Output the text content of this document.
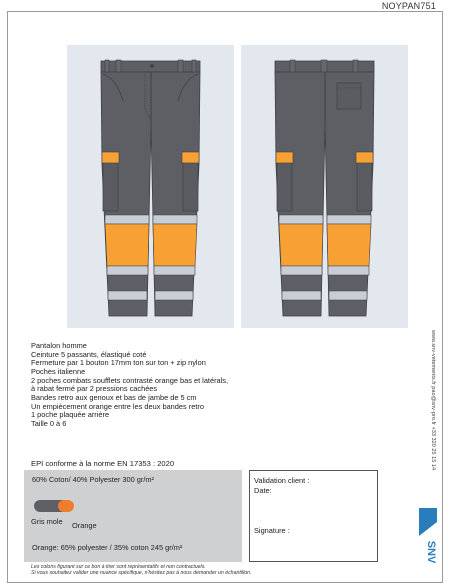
NOYPAN751
Pantalon homme
Ceinture 5 passants, élastiqué coté
Fermeture par 1 bouton 17mm ton sur ton + zip nylon
Poches italienne
2 poches combats soufflets contrasté orange bas et latérals,
à rabat fermé par 2 pressions cachées
Bandes retro aux genoux et bas de jambe de 5 cm
Un empiècement orange entre les deux bandes retro
1 poche plaquée arrière
Taille 0 à 6
EPI conforme à la norme EN 17353 : 2020
60% Coton/ 40% Polyester 300 gr/m²
Gris mole Orange
Orange: 65% polyester / 35% coton 245 gr/m²
Validation client :
Date:
Signature :
Les coloris figurant sur ce bon à tirer sont représentatifs et non contractuels.
Si vous souhaitez valider une nuance spécifique, n'hésitez pas à nous demander un échantillon.
www.snv-vetements.fr pao@snv-pro.fr +33 320 25 15 14
SNV
